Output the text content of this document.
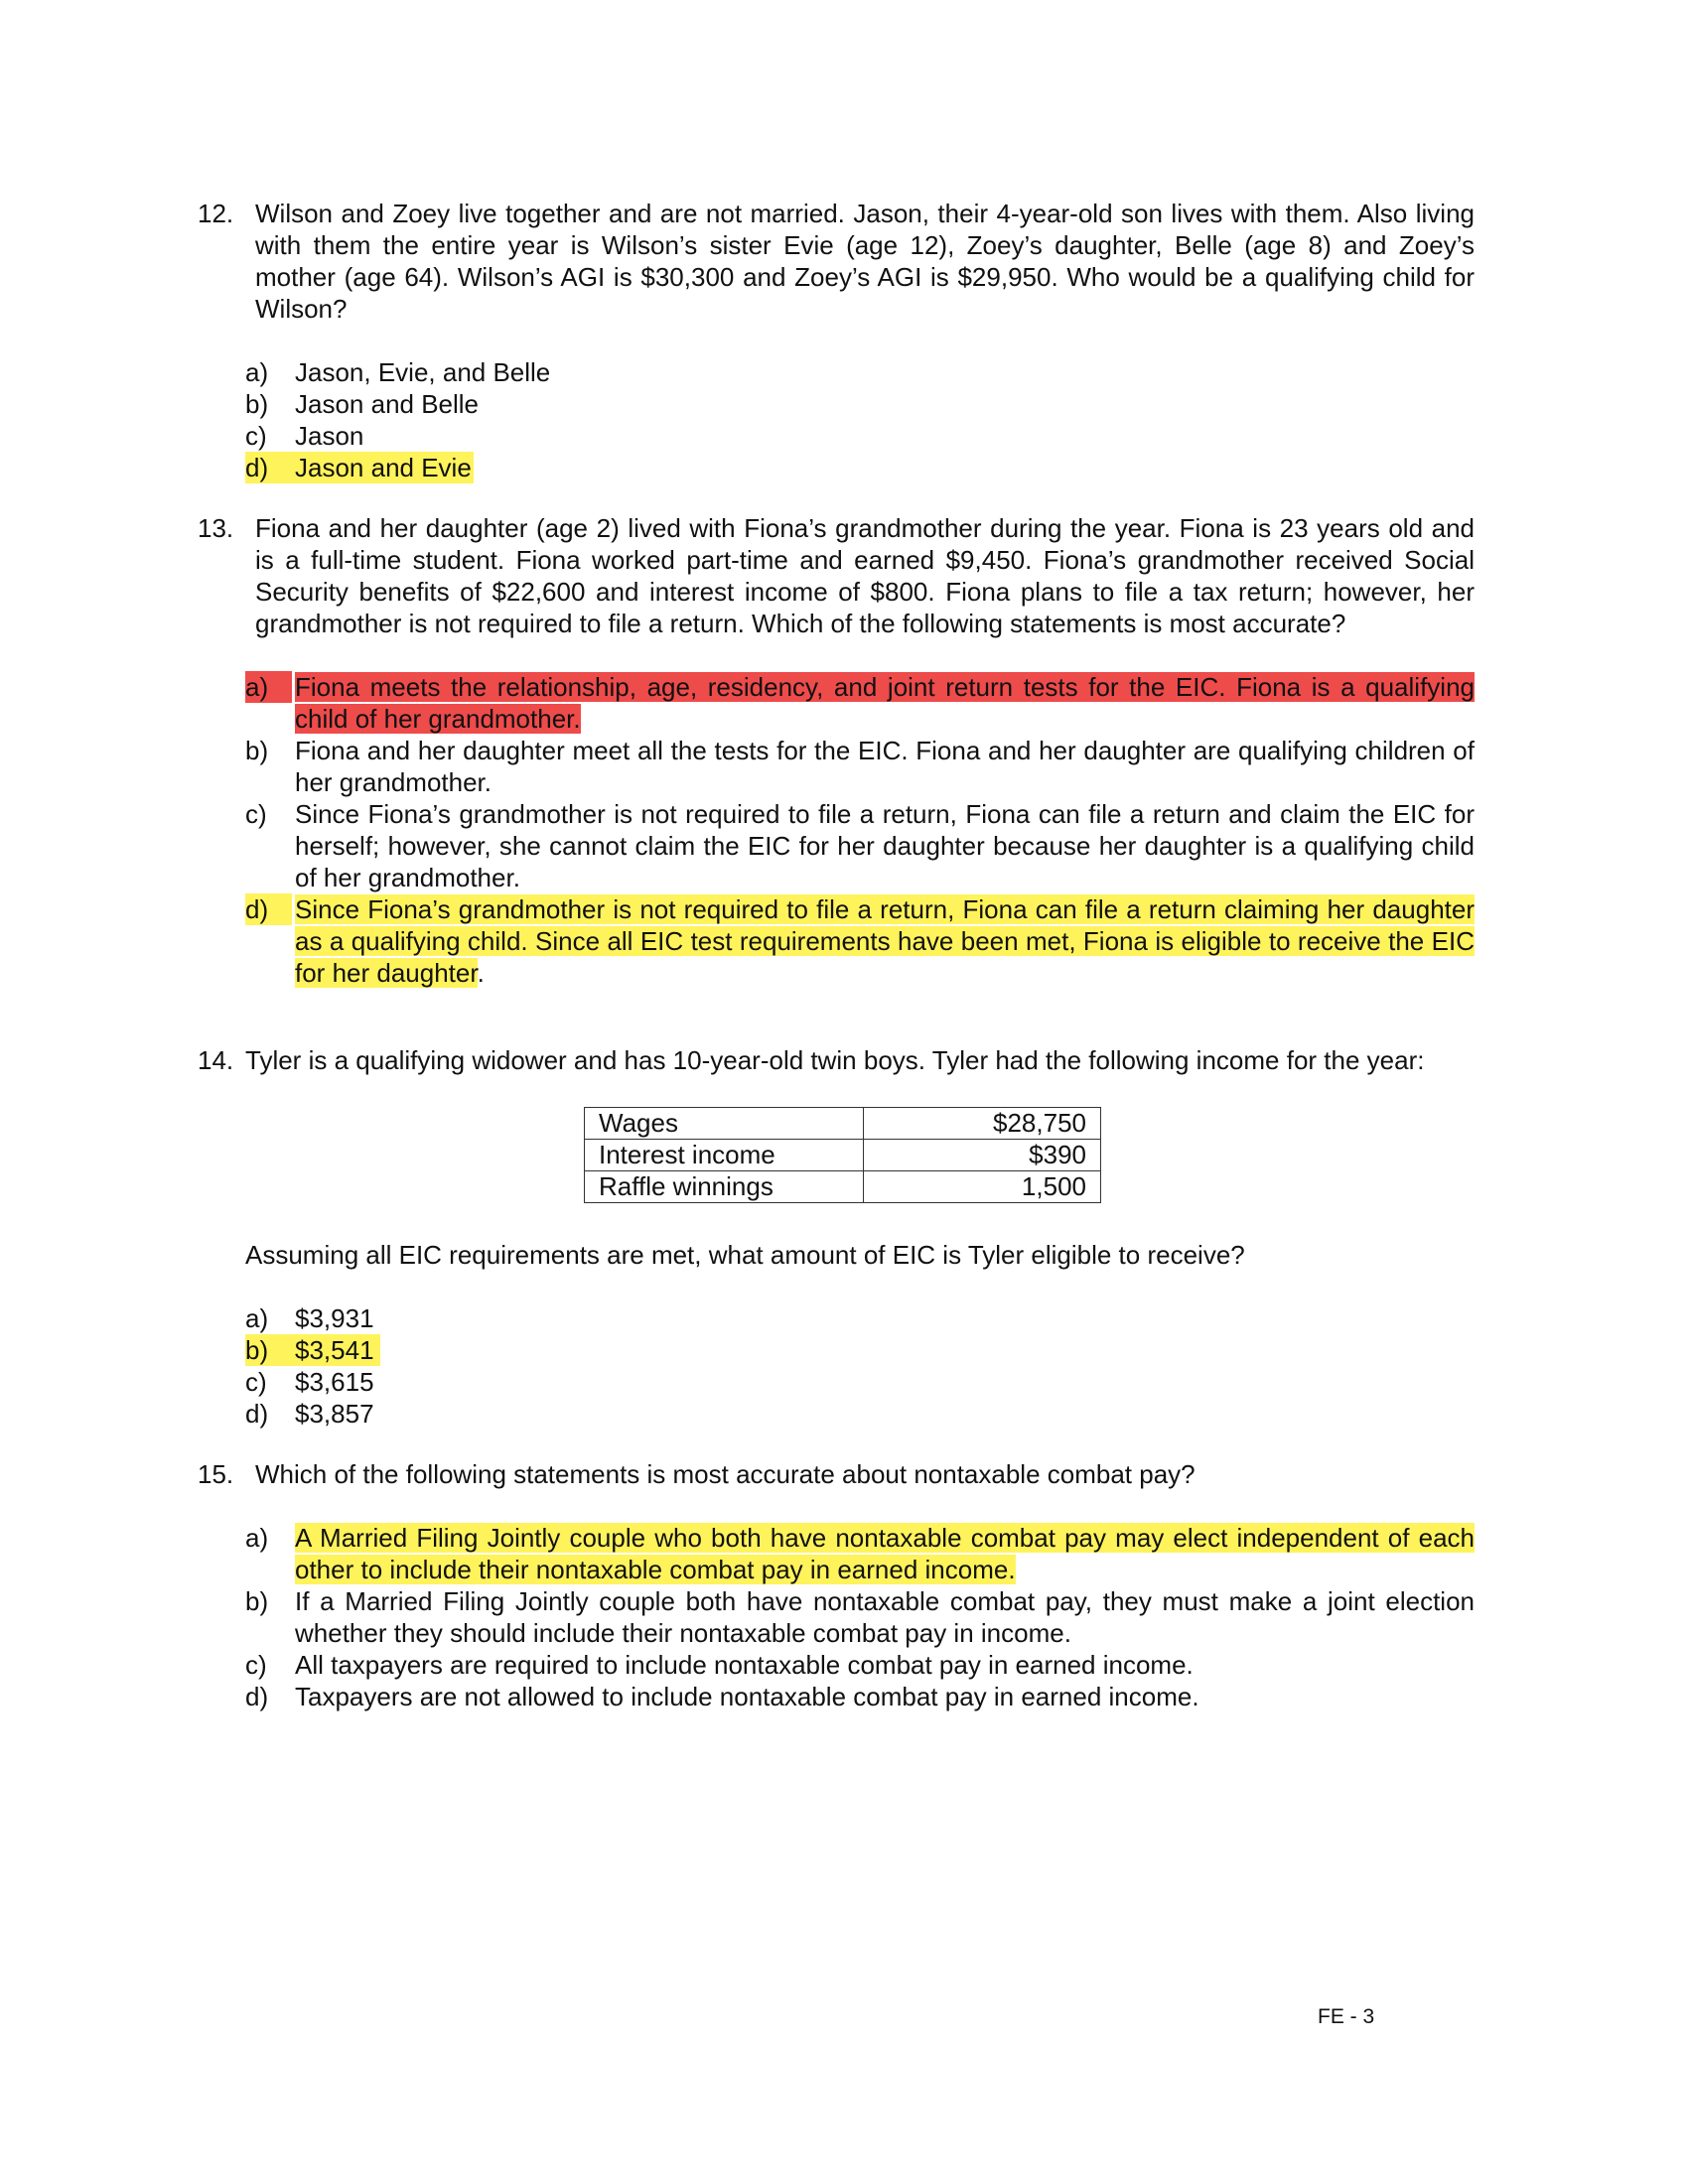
12. Wilson and Zoey live together and are not married. Jason, their 4-year-old son lives with them. Also living with them the entire year is Wilson’s sister Evie (age 12), Zoey’s daughter, Belle (age 8) and Zoey’s mother (age 64). Wilson’s AGI is $30,300 and Zoey’s AGI is $29,950. Who would be a qualifying child for Wilson?
a) Jason, Evie, and Belle
b) Jason and Belle
c) Jason
d) Jason and Evie
13. Fiona and her daughter (age 2) lived with Fiona’s grandmother during the year. Fiona is 23 years old and is a full-time student. Fiona worked part-time and earned $9,450. Fiona’s grandmother received Social Security benefits of $22,600 and interest income of $800. Fiona plans to file a tax return; however, her grandmother is not required to file a return. Which of the following statements is most accurate?
a)	Fiona meets the relationship, age, residency, and joint return tests for the EIC. Fiona is a qualifying child of her grandmother.
b) Fiona and her daughter meet all the tests for the EIC. Fiona and her daughter are qualifying children of her grandmother.
c) Since Fiona’s grandmother is not required to file a return, Fiona can file a return and claim the EIC for herself; however, she cannot claim the EIC for her daughter because her daughter is a qualifying child of her grandmother.
d)	Since Fiona’s grandmother is not required to file a return, Fiona can file a return claiming her daughter as a qualifying child. Since all EIC test requirements have been met, Fiona is eligible to receive the EIC for her daughter.
14. Tyler is a qualifying widower and has 10-year-old twin boys. Tyler had the following income for the year:
Wages	$28,750
Interest income	$390
Raffle winnings	1,500
Assuming all EIC requirements are met, what amount of EIC is Tyler eligible to receive?
a) $3,931
b) $3,541
c) $3,615
d) $3,857
15. Which of the following statements is most accurate about nontaxable combat pay?
a) A Married Filing Jointly couple who both have nontaxable combat pay may elect independent of each other to include their nontaxable combat pay in earned income.
b) If a Married Filing Jointly couple both have nontaxable combat pay, they must make a joint election whether they should include their nontaxable combat pay in income.
c) All taxpayers are required to include nontaxable combat pay in earned income.
d) Taxpayers are not allowed to include nontaxable combat pay in earned income.
FE - 3
